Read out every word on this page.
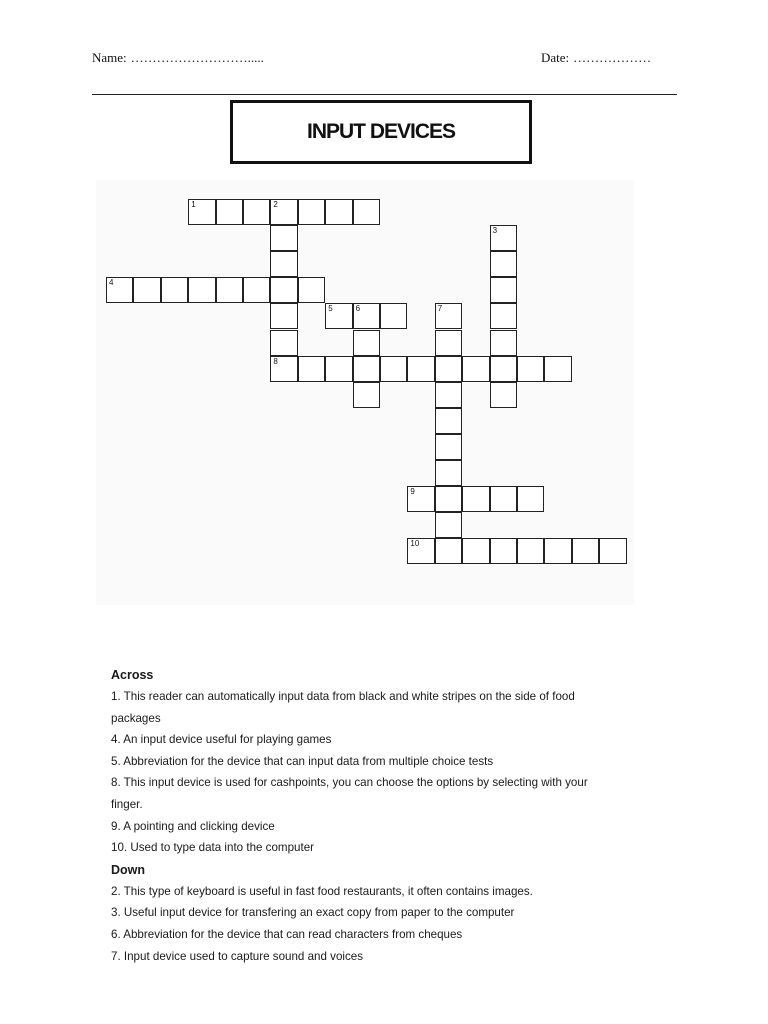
Name: ……………………….....	Date: ………………
INPUT DEVICES
1	2
3
4
5	6	7
8
9
10
Across
1. This reader can automatically input data from black and white stripes on the side of food
packages
4. An input device useful for playing games
5. Abbreviation for the device that can input data from multiple choice tests
8. This input device is used for cashpoints, you can choose the options by selecting with your
finger.
9. A pointing and clicking device
10. Used to type data into the computer
Down
2. This type of keyboard is useful in fast food restaurants, it often contains images.
3. Useful input device for transfering an exact copy from paper to the computer
6. Abbreviation for the device that can read characters from cheques
7. Input device used to capture sound and voices
